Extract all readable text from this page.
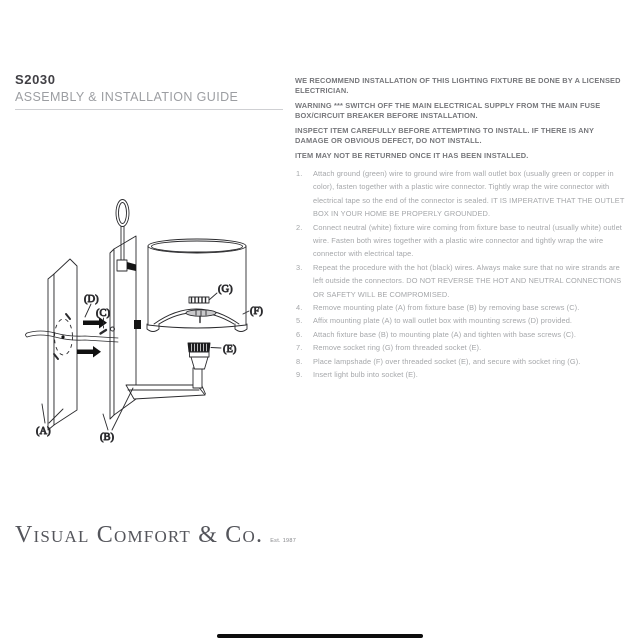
S2030
ASSEMBLY & INSTALLATION GUIDE

WE RECOMMEND INSTALLATION OF THIS LIGHTING FIXTURE BE DONE BY A LICENSED ELECTRICIAN.

WARNING *** SWITCH OFF THE MAIN ELECTRICAL SUPPLY FROM THE MAIN FUSE BOX/CIRCUIT BREAKER BEFORE INSTALLATION.

INSPECT ITEM CAREFULLY BEFORE ATTEMPTING TO INSTALL. IF THERE IS ANY DAMAGE OR OBVIOUS DEFECT, DO NOT INSTALL.

ITEM MAY NOT BE RETURNED ONCE IT HAS BEEN INSTALLED.

1. Attach ground (green) wire to ground wire from wall outlet box (usually green or copper in color), fasten together with a plastic wire connector. Tightly wrap the wire connector with electrical tape so the end of the connector is sealed. IT IS IMPERATIVE THAT THE OUTLET BOX IN YOUR HOME BE PROPERLY GROUNDED.
2. Connect neutral (white) fixture wire coming from fixture base to neutral (usually white) outlet wire. Fasten both wires together with a plastic wire connector and tightly wrap the wire connector with electrical tape.
3. Repeat the procedure with the hot (black) wires. Always make sure that no wire strands are left outside the connectors. DO NOT REVERSE THE HOT AND NEUTRAL CONNECTIONS OR SAFETY WILL BE COMPROMISED.
4. Remove mounting plate (A) from fixture base (B) by removing base screws (C).
5. Affix mounting plate (A) to wall outlet box with mounting screws (D) provided.
6. Attach fixture base (B) to mounting plate (A) and tighten with base screws (C).
7. Remove socket ring (G) from threaded socket (E).
8. Place lampshade (F) over threaded socket (E), and secure with socket ring (G).
9. Insert light bulb into socket (E).
(A)
(B)
(C)
(D)
(E)
(F)
(G)
Visual Comfort & Co. Est. 1987
